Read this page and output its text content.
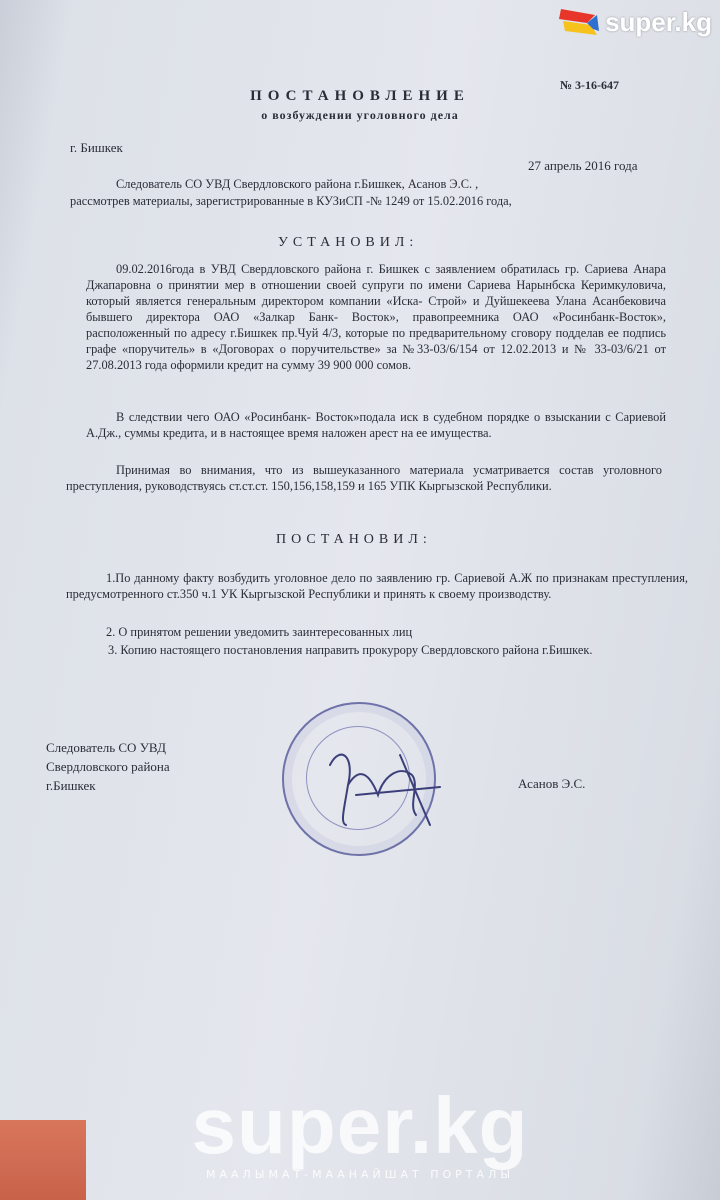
super.kg
№ 3-16-647
ПОСТАНОВЛЕНИЕ
о возбуждении уголовного дела
г. Бишкек
27 апрель 2016 года
Следователь СО УВД Свердловского района г.Бишкек, Асанов Э.С. ,
рассмотрев материалы, зарегистрированные в КУЗиСП -№ 1249 от 15.02.2016 года,
УСТАНОВИЛ:
09.02.2016года в УВД Свердловского района г. Бишкек с заявлением обратилась гр. Сариева Анара Джапаровна о принятии мер в отношении своей супруги по имени Сариева Нарынбска Керимкуловича, который является генеральным директором компании «Иска- Строй» и Дуйшекеева Улана Асанбековича бывшего директора ОАО «Залкар Банк- Восток», правопреемника ОАО «Росинбанк-Восток», расположенный по адресу г.Бишкек пр.Чуй 4/3, которые по предварительному сговору подделав ее подпись графе «поручитель» в «Договорах о поручительстве» за №33-03/6/154 от 12.02.2013 и № 33-03/6/21 от 27.08.2013 года оформили кредит на сумму 39 900 000 сомов.
В следствии чего ОАО «Росинбанк- Восток»подала иск в судебном порядке о взыскании с Сариевой А.Дж., суммы кредита, и в настоящее время наложен арест на ее имущества.
Принимая во внимания, что из вышеуказанного материала усматривается состав уголовного преступления, руководствуясь ст.ст.ст. 150,156,158,159 и 165 УПК Кыргызской Республики.
ПОСТАНОВИЛ:
1.По данному факту возбудить уголовное дело по заявлению гр. Сариевой А.Ж по признакам преступления, предусмотренного ст.350 ч.1 УК Кыргызской Республики и принять к своему производству.
2. О принятом решении уведомить заинтересованных лиц
3. Копию настоящего постановления направить прокурору Свердловского района г.Бишкек.
Следователь СО УВД
Свердловского района
г.Бишкек	Асанов Э.С.
super.kg
МААЛЫМАТ-МААНАЙШАТ ПОРТАЛЫ
